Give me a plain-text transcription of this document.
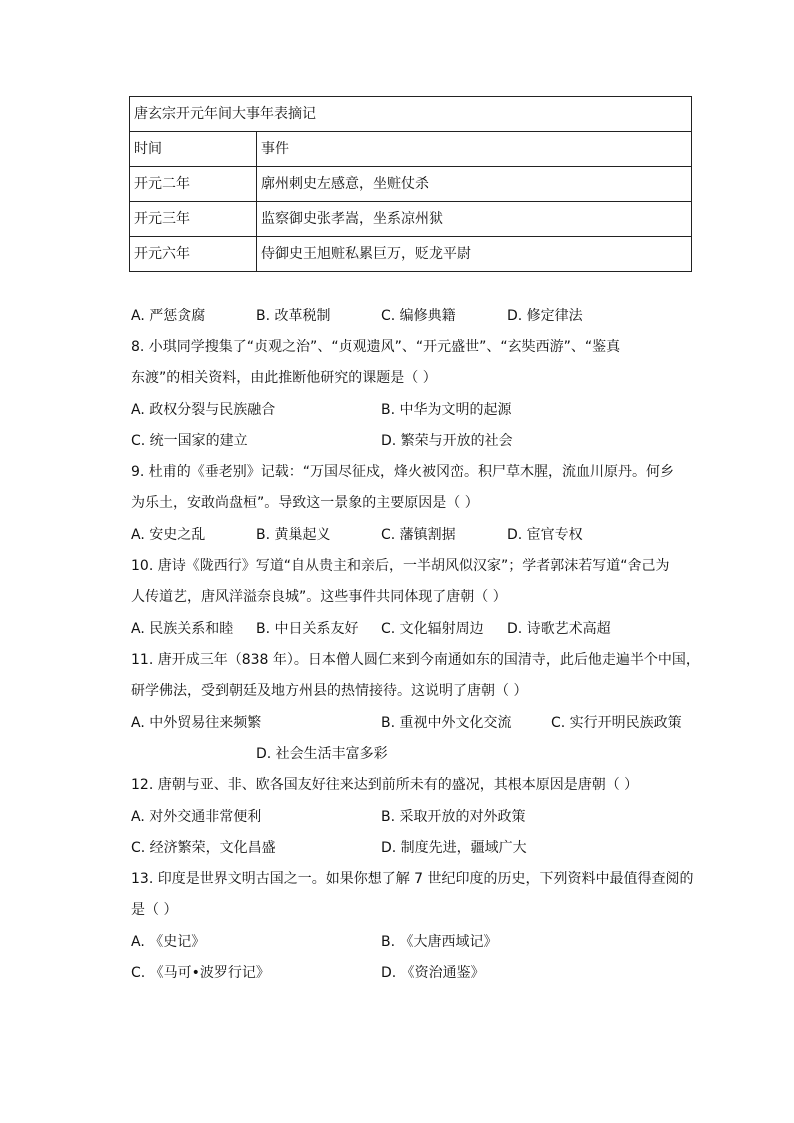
唐玄宗开元年间大事年表摘记	
时间	事件
开元二年	廓州刺史左感意，坐赃仗杀
开元三年	监察御史张孝嵩，坐系凉州狱
开元六年	侍御史王旭赃私累巨万，贬龙平尉
A. 严惩贪腐	B. 改革税制	C. 编修典籍	D. 修定律法
8. 小琪同学搜集了“贞观之治”、“贞观遗风”、“开元盛世”、“玄奘西游”、“鉴真
东渡”的相关资料，由此推断他研究的课题是（ ）
A. 政权分裂与民族融合	B. 中华为文明的起源
C. 统一国家的建立	D. 繁荣与开放的社会
9. 杜甫的《垂老别》记载：“万国尽征戍，烽火被冈峦。积尸草木腥，流血川原丹。何乡
为乐土，安敢尚盘桓”。导致这一景象的主要原因是（ ）
A. 安史之乱	B. 黄巢起义	C. 藩镇割据	D. 宦官专权
10. 唐诗《陇西行》写道“自从贵主和亲后，一半胡风似汉家”；学者郭沫若写道“舍己为
人传道艺，唐风洋溢奈良城”。这些事件共同体现了唐朝（ ）
A. 民族关系和睦 B. 中日关系友好 C. 文化辐射周边 D. 诗歌艺术高超
11. 唐开成三年（838 年）。日本僧人圆仁来到今南通如东的国清寺，此后他走遍半个中国，
研学佛法，受到朝廷及地方州县的热情接待。这说明了唐朝（ ）
A. 中外贸易往来频繁	B. 重视中外文化交流	C. 实行开明民族政策
D. 社会生活丰富多彩
12. 唐朝与亚、非、欧各国友好往来达到前所未有的盛况，其根本原因是唐朝（ ）
A. 对外交通非常便利	B. 采取开放的对外政策
C. 经济繁荣，文化昌盛	D. 制度先进，疆域广大
13. 印度是世界文明古国之一。如果你想了解 7 世纪印度的历史，下列资料中最值得查阅的
是（ ）
A. 《史记》	B. 《大唐西域记》
C. 《马可•波罗行记》	D. 《资治通鉴》
